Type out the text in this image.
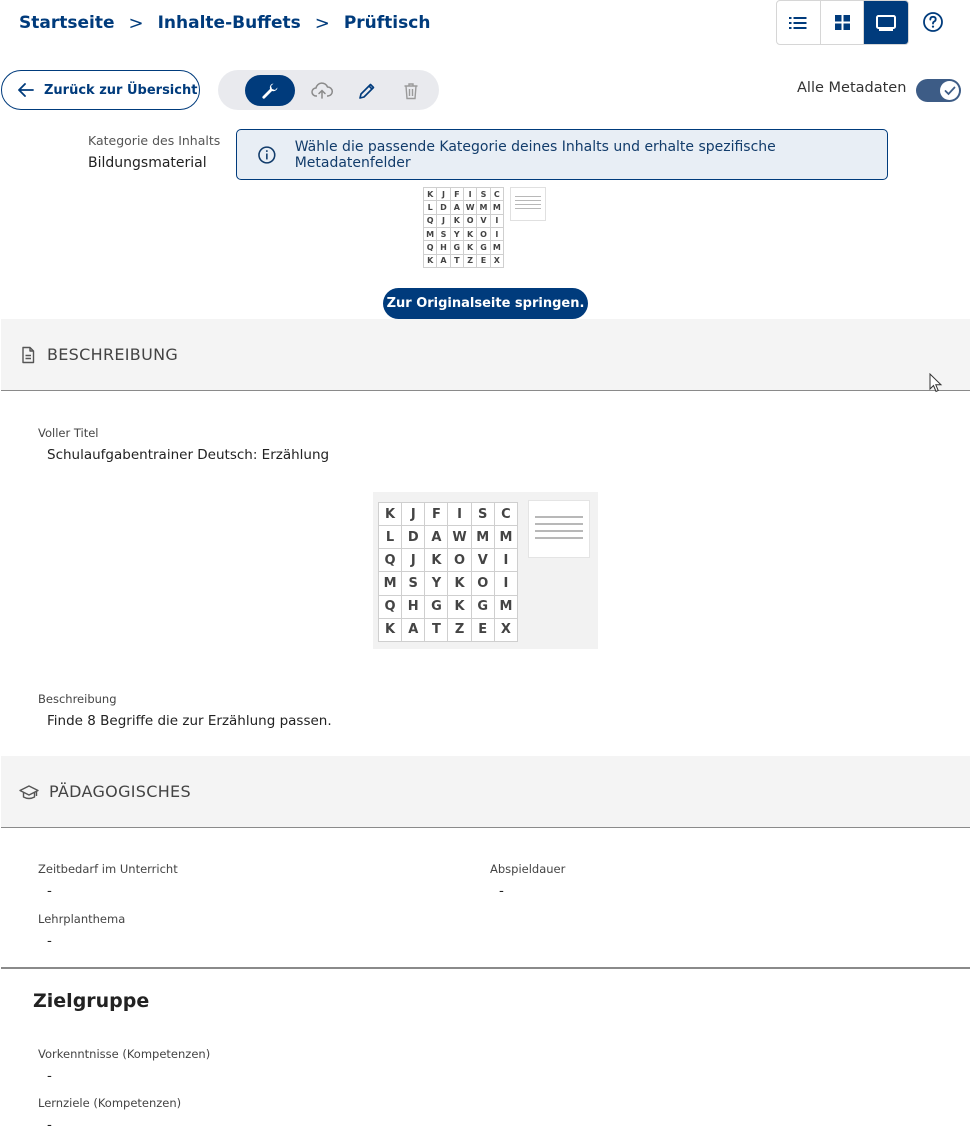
Startseite > Inhalte-Buffets > Prüftisch
Zurück zur Übersicht	Alle Metadaten
Kategorie des Inhalts
Bildungsmaterial
Wähle die passende Kategorie deines Inhalts und erhalte spezifische Metadatenfelder
K	J	F	I	S C
L D A W M M
Q	J	K O V	I
M S Y K O	I
Q H G K G M
K A T Z E X
Zur Originalseite springen.
BESCHREIBUNG
Voller Titel
Schulaufgabentrainer Deutsch: Erzählung
K	J	F	I	S	C
L	D A W M M
Q	J	K O V	I
M S	Y	K O	I
Q H G K G M
K	A	T	Z	E	X
Beschreibung
Finde 8 Begriffe die zur Erzählung passen.
PÄDAGOGISCHES
Zeitbedarf im Unterricht
-
Abspieldauer
-
Lehrplanthema
-
Zielgruppe
Vorkenntnisse (Kompetenzen)
-
Lernziele (Kompetenzen)
-
